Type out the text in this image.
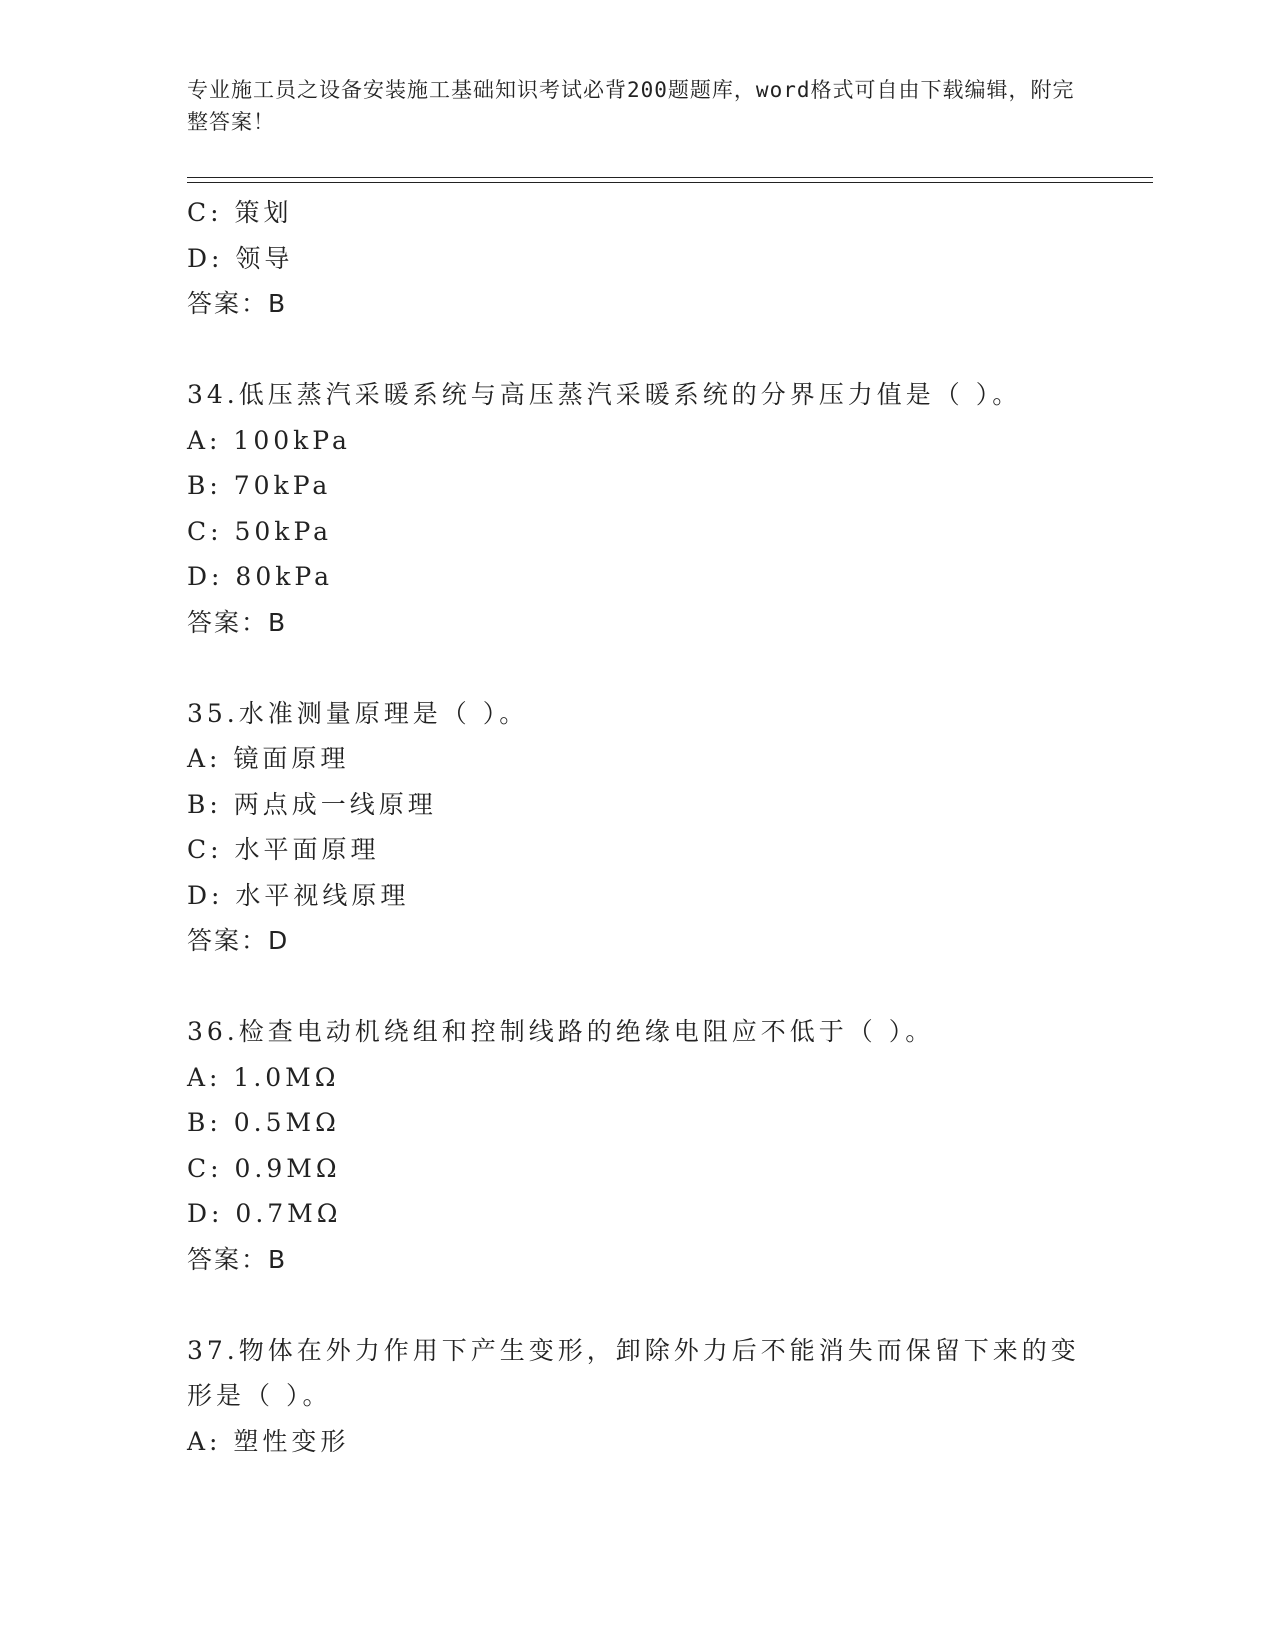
专业施工员之设备安装施工基础知识考试必背200题题库，word格式可自由下载编辑，附完整答案！
C: 策划
D: 领导
答案：B
34.低压蒸汽采暖系统与高压蒸汽采暖系统的分界压力值是（ ）。
A: 100kPa
B: 70kPa
C: 50kPa
D: 80kPa
答案：B
35.水准测量原理是（ ）。
A: 镜面原理
B: 两点成一线原理
C: 水平面原理
D: 水平视线原理
答案：D
36.检查电动机绕组和控制线路的绝缘电阻应不低于（ ）。
A: 1.0MΩ
B: 0.5MΩ
C: 0.9MΩ
D: 0.7MΩ
答案：B
37.物体在外力作用下产生变形，卸除外力后不能消失而保留下来的变形是（ ）。
A: 塑性变形
